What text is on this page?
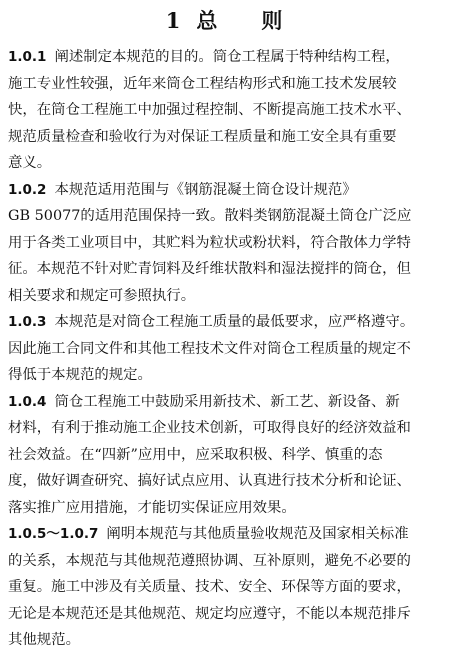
1 总 则

1.0.1 阐述制定本规范的目的。筒仓工程属于特种结构工程，
施工专业性较强，近年来筒仓工程结构形式和施工技术发展较
快，在筒仓工程施工中加强过程控制、不断提高施工技术水平、
规范质量检查和验收行为对保证工程质量和施工安全具有重要
意义。

1.0.2 本规范适用范围与《钢筋混凝土筒仓设计规范》
GB 50077的适用范围保持一致。散料类钢筋混凝土筒仓广泛应
用于各类工业项目中，其贮料为粒状或粉状料，符合散体力学特
征。本规范不针对贮青饲料及纤维状散料和湿法搅拌的筒仓，但
相关要求和规定可参照执行。

1.0.3 本规范是对筒仓工程施工质量的最低要求，应严格遵守。
因此施工合同文件和其他工程技术文件对筒仓工程质量的规定不
得低于本规范的规定。

1.0.4 筒仓工程施工中鼓励采用新技术、新工艺、新设备、新
材料，有利于推动施工企业技术创新，可取得良好的经济效益和
社会效益。在“四新”应用中，应采取积极、科学、慎重的态
度，做好调查研究、搞好试点应用、认真进行技术分析和论证、
落实推广应用措施，才能切实保证应用效果。

1.0.5～1.0.7 阐明本规范与其他质量验收规范及国家相关标准
的关系，本规范与其他规范遵照协调、互补原则，避免不必要的
重复。施工中涉及有关质量、技术、安全、环保等方面的要求，
无论是本规范还是其他规范、规定均应遵守，不能以本规范排斥
其他规范。
